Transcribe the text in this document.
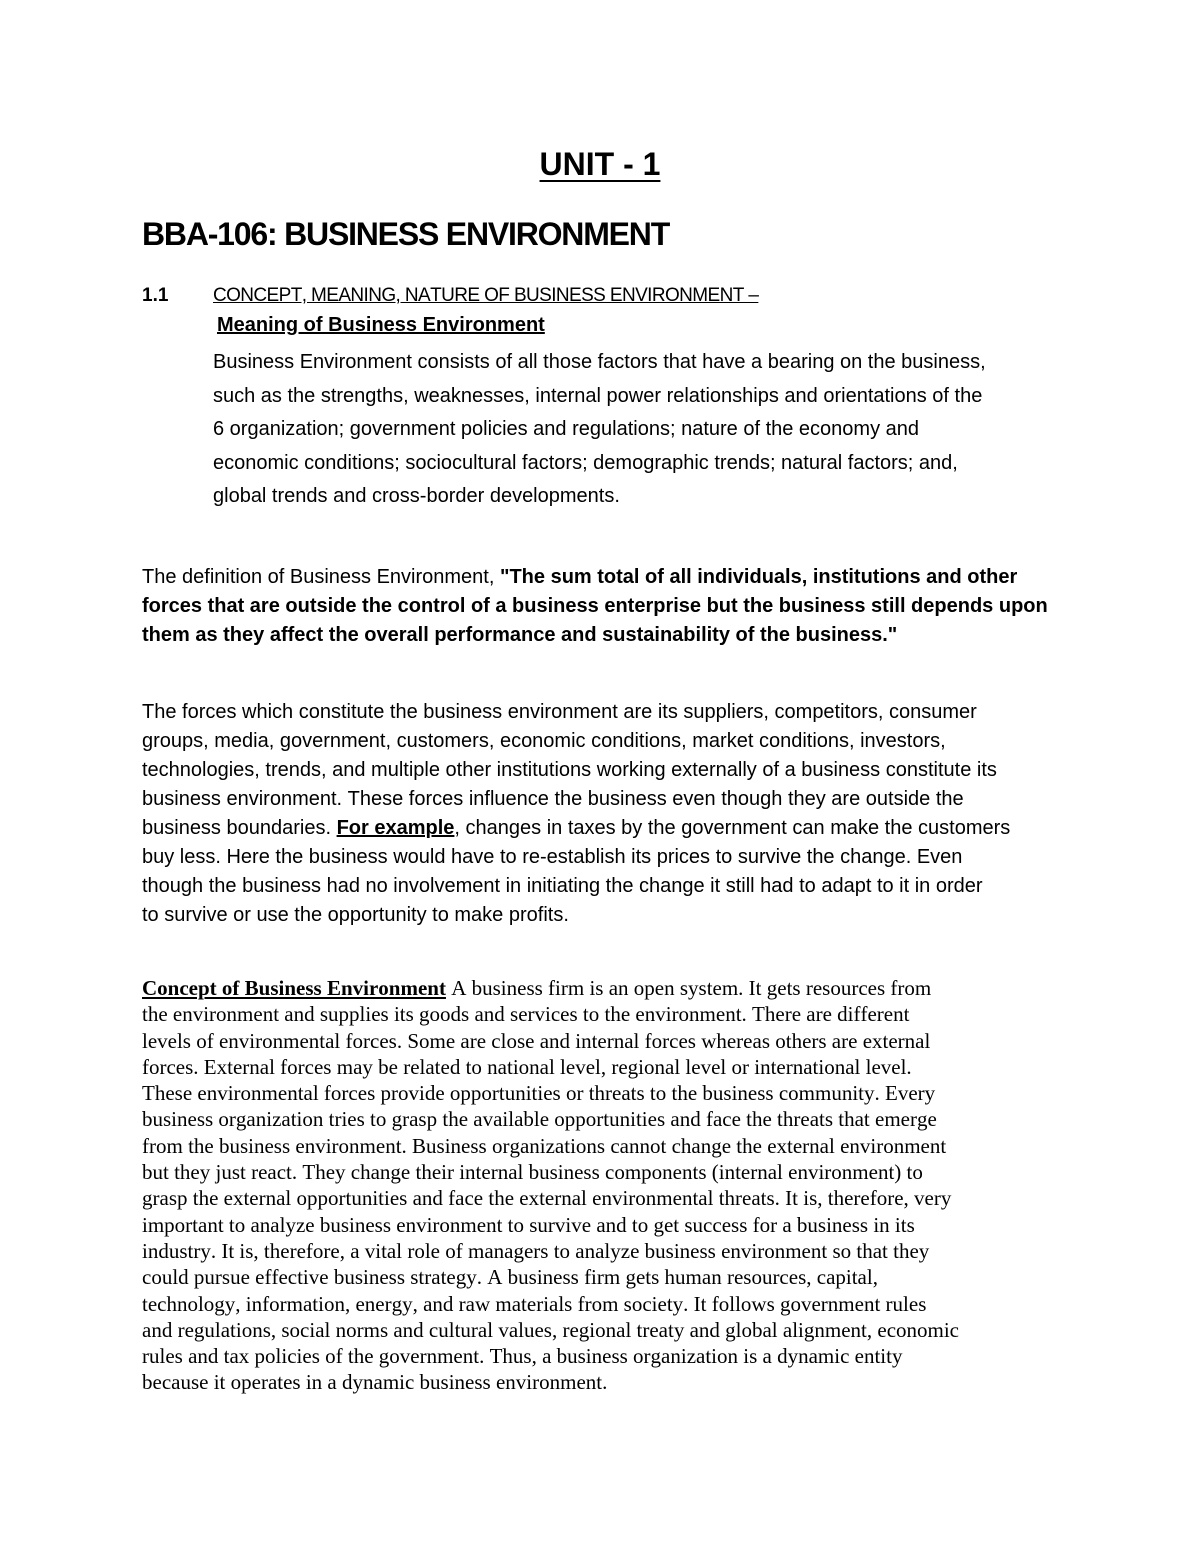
UNIT - 1
BBA-106: BUSINESS ENVIRONMENT
1.1 CONCEPT, MEANING, NATURE OF BUSINESS ENVIRONMENT –
Meaning of Business Environment
Business Environment consists of all those factors that have a bearing on the business,
such as the strengths, weaknesses, internal power relationships and orientations of the
6 organization; government policies and regulations; nature of the economy and
economic conditions; sociocultural factors; demographic trends; natural factors; and,
global trends and cross-border developments.
The definition of Business Environment, "The sum total of all individuals, institutions and other
forces that are outside the control of a business enterprise but the business still depends upon
them as they affect the overall performance and sustainability of the business."
The forces which constitute the business environment are its suppliers, competitors, consumer
groups, media, government, customers, economic conditions, market conditions, investors,
technologies, trends, and multiple other institutions working externally of a business constitute its
business environment. These forces influence the business even though they are outside the
business boundaries. For example, changes in taxes by the government can make the customers
buy less. Here the business would have to re-establish its prices to survive the change. Even
though the business had no involvement in initiating the change it still had to adapt to it in order
to survive or use the opportunity to make profits.
Concept of Business Environment A business firm is an open system. It gets resources from
the environment and supplies its goods and services to the environment. There are different
levels of environmental forces. Some are close and internal forces whereas others are external
forces. External forces may be related to national level, regional level or international level.
These environmental forces provide opportunities or threats to the business community. Every
business organization tries to grasp the available opportunities and face the threats that emerge
from the business environment. Business organizations cannot change the external environment
but they just react. They change their internal business components (internal environment) to
grasp the external opportunities and face the external environmental threats. It is, therefore, very
important to analyze business environment to survive and to get success for a business in its
industry. It is, therefore, a vital role of managers to analyze business environment so that they
could pursue effective business strategy. A business firm gets human resources, capital,
technology, information, energy, and raw materials from society. It follows government rules
and regulations, social norms and cultural values, regional treaty and global alignment, economic
rules and tax policies of the government. Thus, a business organization is a dynamic entity
because it operates in a dynamic business environment.
